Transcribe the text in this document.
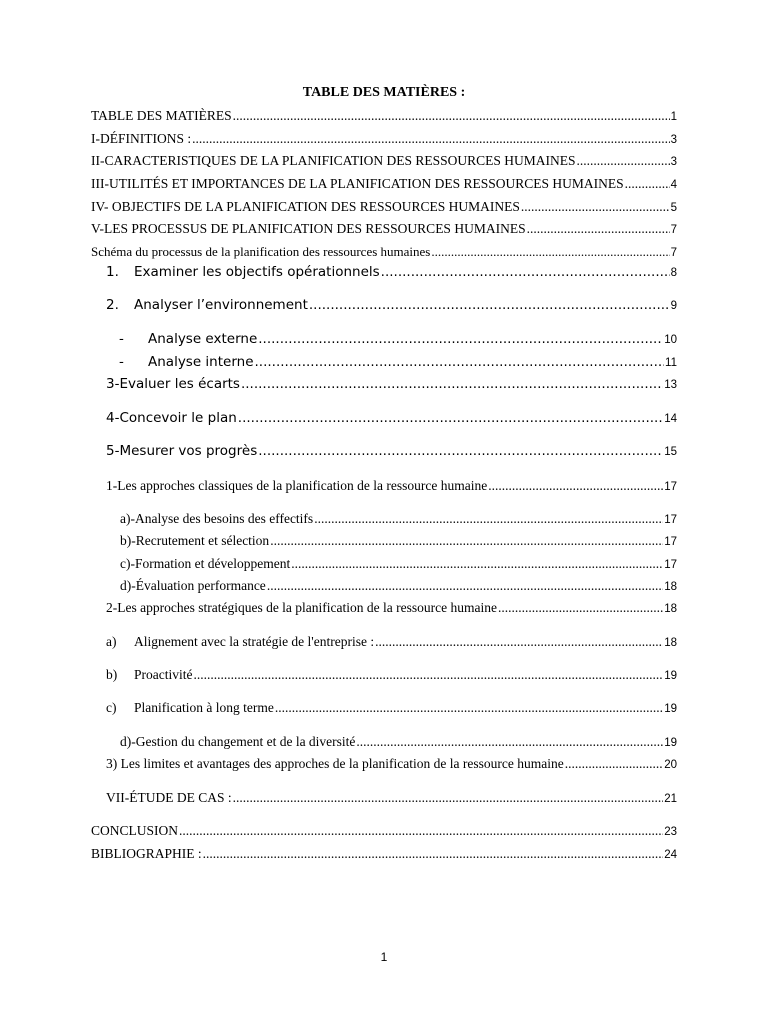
TABLE DES MATIÈRES :
TABLE DES MATIÈRES .....	1
I-DÉFINITIONS : .....	3
II-CARACTERISTIQUES DE LA PLANIFICATION DES RESSOURCES HUMAINES .....	3
III-UTILITÉS ET IMPORTANCES DE LA PLANIFICATION DES RESSOURCES HUMAINES .....	4
IV- OBJECTIFS DE LA PLANIFICATION DES RESSOURCES HUMAINES .....	5
V-LES PROCESSUS DE PLANIFICATION DES RESSOURCES HUMAINES .....	7
Schéma du processus de la planification des ressources humaines .....	7
1.	Examiner les objectifs opérationnels .....	8
2.	Analyser l’environnement .....	9
-	Analyse externe .....	10
-	Analyse interne .....	11
3-Evaluer les écarts .....	13
4-Concevoir le plan .....	14
5-Mesurer vos progrès .....	15
1-Les approches classiques de la planification de la ressource humaine .....	17
a)-Analyse des besoins des effectifs .....	17
b)-Recrutement et sélection .....	17
c)-Formation et développement .....	17
d)-Évaluation performance .....	18
2-Les approches stratégiques de la planification de la ressource humaine .....	18
a)	Alignement avec la stratégie de l'entreprise : .....	18
b)	Proactivité .....	19
c)	Planification à long terme .....	19
d)-Gestion du changement et de la diversité .....	19
3) Les limites et avantages des approches de la planification de la ressource humaine .....	20
VII-ÉTUDE DE CAS : .....	21
CONCLUSION .....	23
BIBLIOGRAPHIE : .....	24
1
